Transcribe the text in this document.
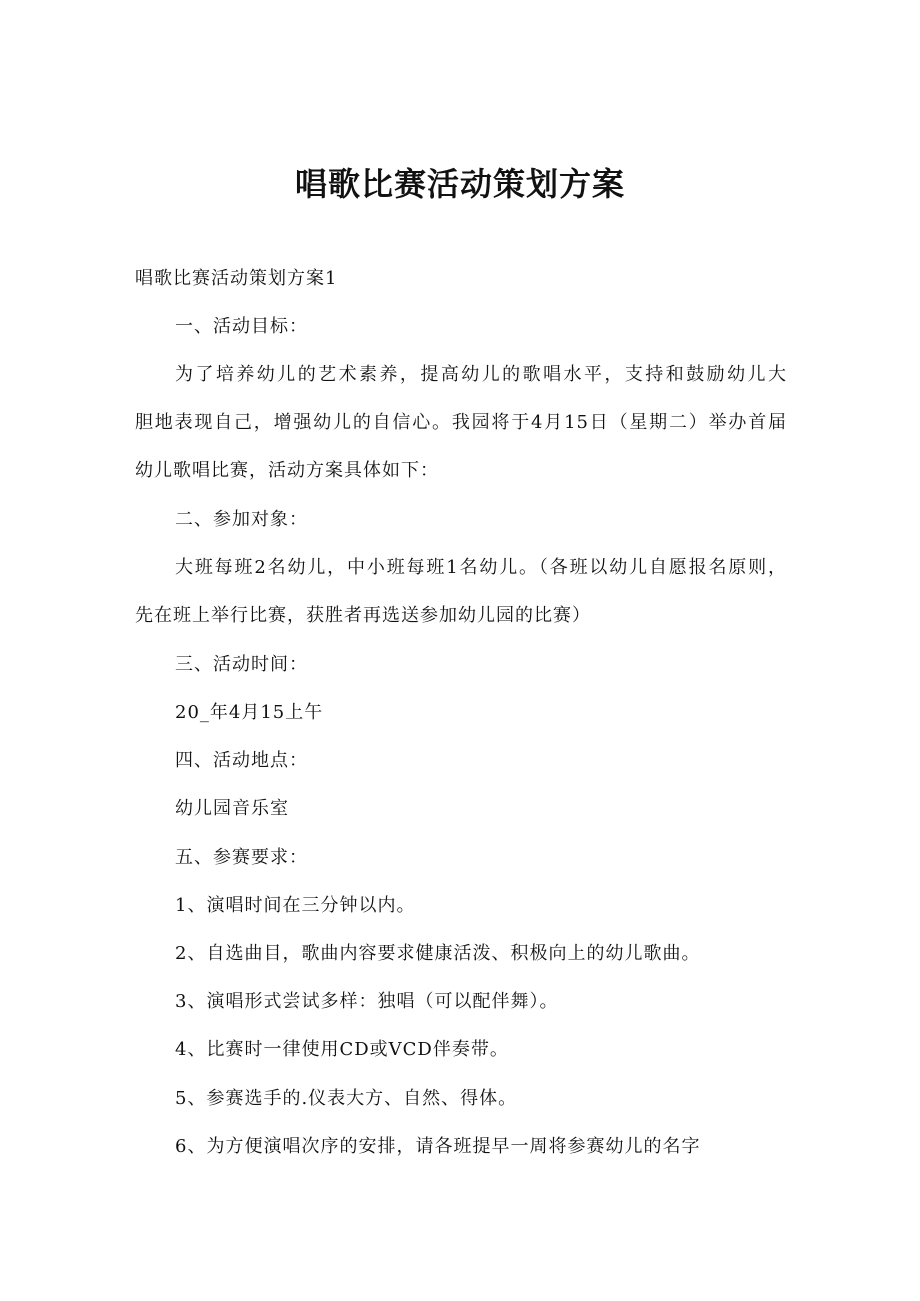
唱歌比赛活动策划方案
唱歌比赛活动策划方案1
一、活动目标：
为了培养幼儿的艺术素养，提高幼儿的歌唱水平，支持和鼓励幼儿大
胆地表现自己，增强幼儿的自信心。我园将于4月15日（星期二）举办首届
幼儿歌唱比赛，活动方案具体如下：
二、参加对象：
大班每班2名幼儿，中小班每班1名幼儿。（各班以幼儿自愿报名原则，
先在班上举行比赛，获胜者再选送参加幼儿园的比赛）
三、活动时间：
20_年4月15上午
四、活动地点：
幼儿园音乐室
五、参赛要求：
1、演唱时间在三分钟以内。
2、自选曲目，歌曲内容要求健康活泼、积极向上的幼儿歌曲。
3、演唱形式尝试多样：独唱（可以配伴舞）。
4、比赛时一律使用CD或VCD伴奏带。
5、参赛选手的.仪表大方、自然、得体。
6、为方便演唱次序的安排，请各班提早一周将参赛幼儿的名字
